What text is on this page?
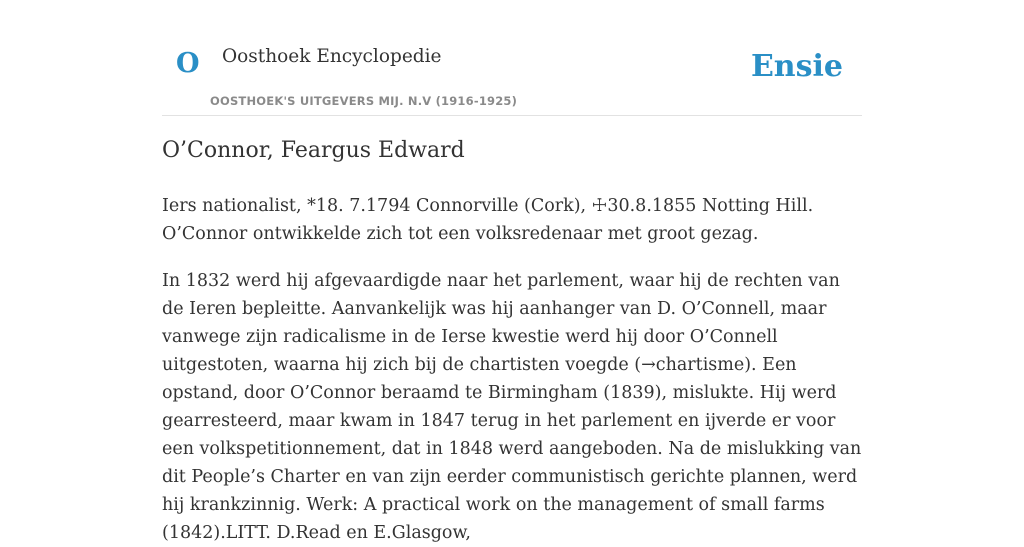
O Oosthoek Encyclopedie
OOSTHOEK'S UITGEVERS MIJ. N.V (1916-1925)
Ensie
O’Connor, Feargus Edward

Iers nationalist, *18. 7.1794 Connorville (Cork), ☩30.8.1855 Notting Hill. O’Connor ontwikkelde zich tot een volksredenaar met groot gezag.

In 1832 werd hij afgevaardigde naar het parlement, waar hij de rechten van de Ieren bepleitte. Aanvankelijk was hij aanhanger van D. O’Connell, maar vanwege zijn radicalisme in de Ierse kwestie werd hij door O’Connell uitgestoten, waarna hij zich bij de chartisten voegde (→chartisme). Een opstand, door O’Connor beraamd te Birmingham (1839), mislukte. Hij werd gearresteerd, maar kwam in 1847 terug in het parlement en ijverde er voor een volkspetitionnement, dat in 1848 werd aangeboden. Na de mislukking van dit People’s Charter en van zijn eerder communistisch gerichte plannen, werd hij krankzinnig. Werk: A practical work on the management of small farms (1842).LITT. D.Read en E.Glasgow,
